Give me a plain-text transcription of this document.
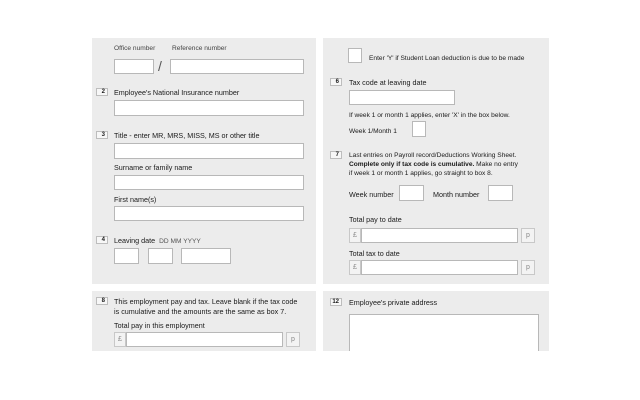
Office number	Reference number
/
2	Employee's National Insurance number
3	Title - enter MR, MRS, MISS, MS or other title
Surname or family name
First name(s)
4	Leaving date DD MM YYYY
8	This employment pay and tax. Leave blank if the tax code
is cumulative and the amounts are the same as box 7.
Total pay in this employment
£	p
Enter 'Y' if Student Loan deduction is due to be made
6	Tax code at leaving date
If week 1 or month 1 applies, enter 'X' in the box below.
Week 1/Month 1
7	Last entries on Payroll record/Deductions Working Sheet.
Complete only if tax code is cumulative. Make no entry
if week 1 or month 1 applies, go straight to box 8.
Week number	Month number
Total pay to date
£	p
Total tax to date
£	p
12	Employee's private address
